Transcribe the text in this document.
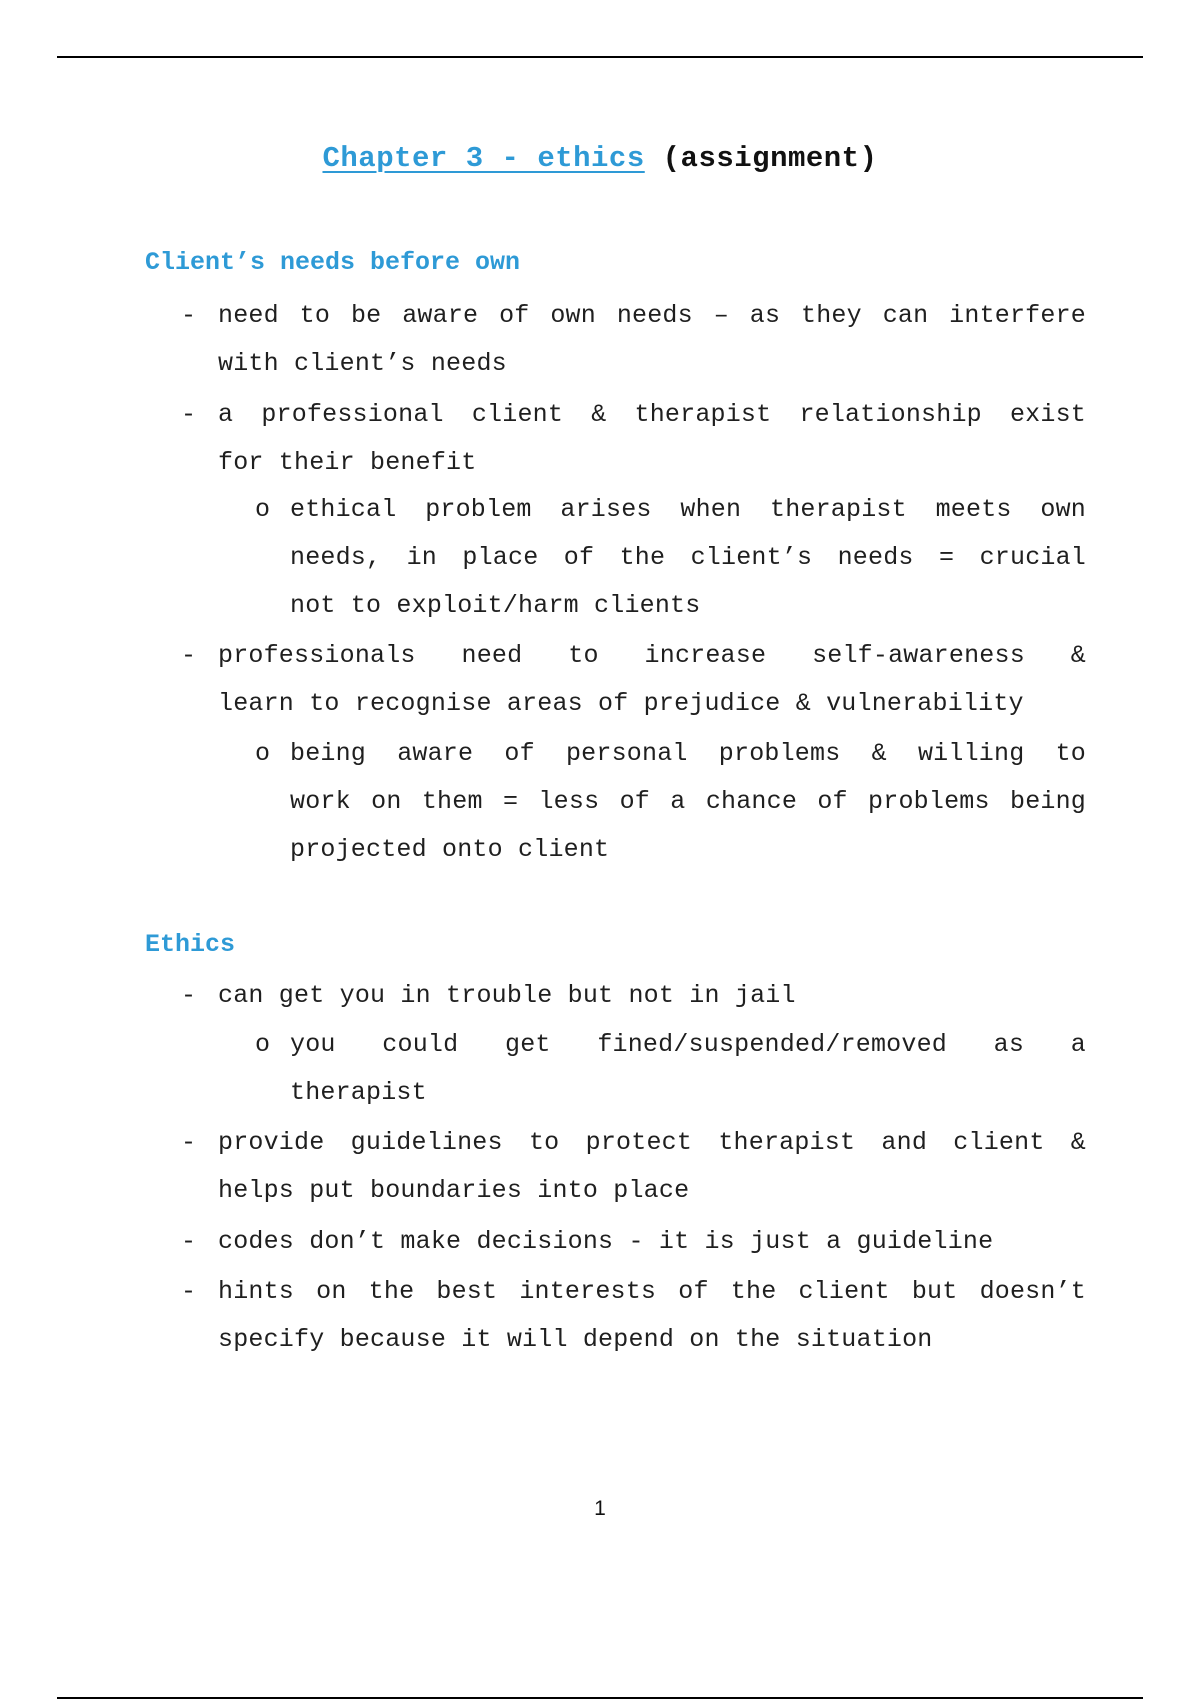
Chapter 3 - ethics (assignment)
Client’s needs before own
- need to be aware of own needs – as they can interfere
with client’s needs
- a professional client & therapist relationship exist
for their benefit
o ethical problem arises when therapist meets own
needs, in place of the client’s needs = crucial
not to exploit/harm clients
- professionals need to increase self-awareness &
learn to recognise areas of prejudice & vulnerability
o being aware of personal problems & willing to
work on them = less of a chance of problems being
projected onto client
Ethics
- can get you in trouble but not in jail
o you could get fined/suspended/removed as a
therapist
- provide guidelines to protect therapist and client &
helps put boundaries into place
- codes don’t make decisions - it is just a guideline
- hints on the best interests of the client but doesn’t
specify because it will depend on the situation
1
